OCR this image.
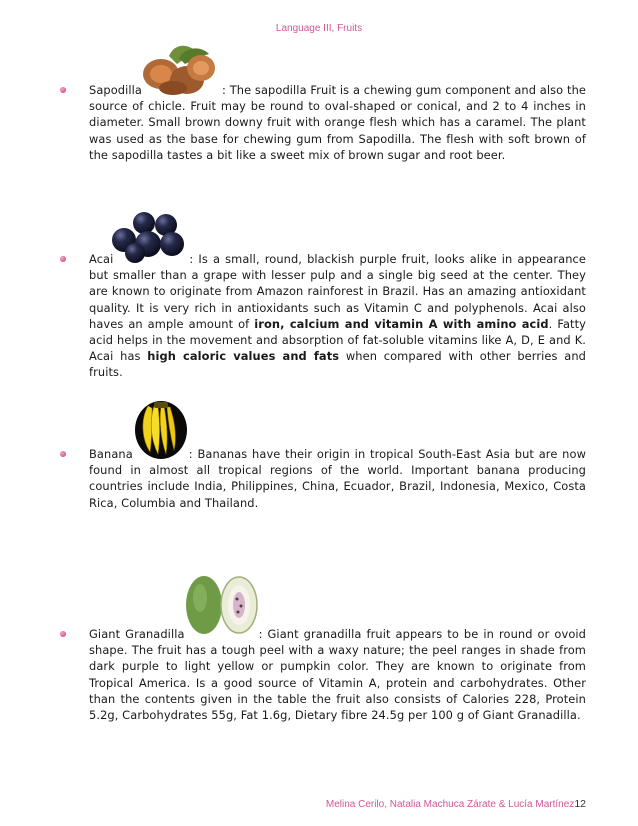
Language III, Fruits

Sapodilla	: The sapodilla Fruit is a chewing gum component and also the source of chicle. Fruit may be round to oval-shaped or conical, and 2 to 4 inches in diameter. Small brown downy fruit with orange flesh which has a caramel. The plant was used as the base for chewing gum from Sapodilla. The flesh with soft brown of the sapodilla tastes a bit like a sweet mix of brown sugar and root beer.

Acai	: Is a small, round, blackish purple fruit, looks alike in appearance but smaller than a grape with lesser pulp and a single big seed at the center. They are known to originate from Amazon rainforest in Brazil. Has an amazing antioxidant quality. It is very rich in antioxidants such as Vitamin C and polyphenols. Acai also haves an ample amount of iron, calcium and vitamin A with amino acid. Fatty acid helps in the movement and absorption of fat-soluble vitamins like A, D, E and K. Acai has high caloric values and fats when compared with other berries and fruits.

Banana	: Bananas have their origin in tropical South-East Asia but are now found in almost all tropical regions of the world. Important banana producing countries include India, Philippines, China, Ecuador, Brazil, Indonesia, Mexico, Costa Rica, Columbia and Thailand.

Giant Granadilla	: Giant granadilla fruit appears to be in round or ovoid shape. The fruit has a tough peel with a waxy nature; the peel ranges in shade from dark purple to light yellow or pumpkin color. They are known to originate from Tropical America. Is a good source of Vitamin A, protein and carbohydrates. Other than the contents given in the table the fruit also consists of Calories 228, Protein 5.2g, Carbohydrates 55g, Fat 1.6g, Dietary fibre 24.5g per 100 g of Giant Granadilla.

Melina Cerilo, Natalia Machuca Zárate & Lucía Martínez12
